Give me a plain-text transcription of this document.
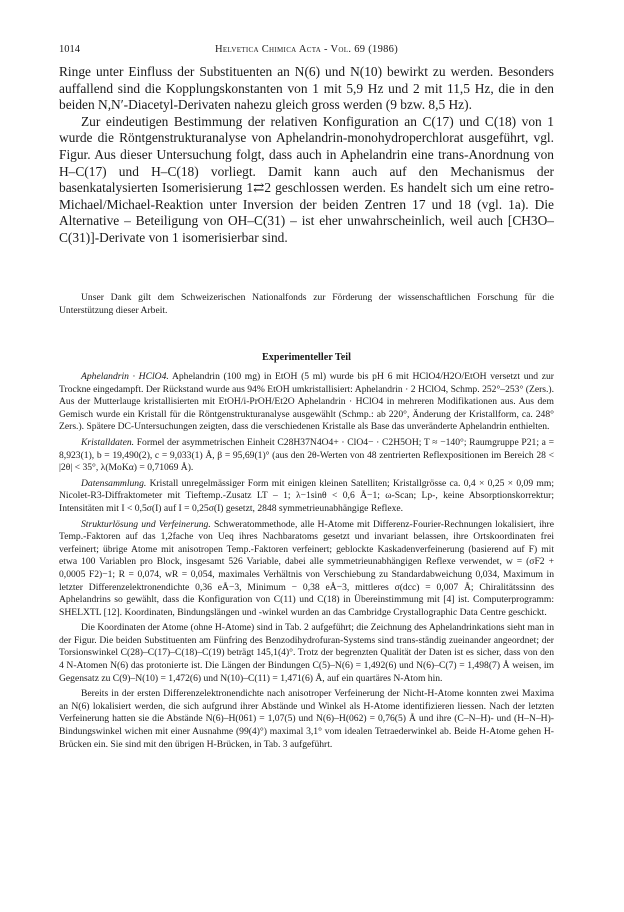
1014	Helvetica Chimica Acta - Vol. 69 (1986)

Ringe unter Einfluss der Substituenten an N(6) und N(10) bewirkt zu werden. Besonders auffallend sind die Kopplungskonstanten von 1 mit 5,9 Hz und 2 mit 11,5 Hz, die in den beiden N,N′-Diacetyl-Derivaten nahezu gleich gross werden (9 bzw. 8,5 Hz).

Zur eindeutigen Bestimmung der relativen Konfiguration an C(17) und C(18) von 1 wurde die Röntgenstrukturanalyse von Aphelandrin-monohydroperchlorat ausgeführt, vgl. Figur. Aus dieser Untersuchung folgt, dass auch in Aphelandrin eine trans-Anordnung von H–C(17) und H–C(18) vorliegt. Damit kann auch auf den Mechanismus der basenkatalysierten Isomerisierung 1⇄2 geschlossen werden. Es handelt sich um eine retro-Michael/Michael-Reaktion unter Inversion der beiden Zentren 17 und 18 (vgl. 1a). Die Alternative – Beteiligung von OH–C(31) – ist eher unwahrscheinlich, weil auch [CH3O–C(31)]-Derivate von 1 isomerisierbar sind.

Unser Dank gilt dem Schweizerischen Nationalfonds zur Förderung der wissenschaftlichen Forschung für die Unterstützung dieser Arbeit.
Experimenteller Teil

Aphelandrin · HClO4. Aphelandrin (100 mg) in EtOH (5 ml) wurde bis pH 6 mit HClO4/H2O/EtOH versetzt und zur Trockne eingedampft. Der Rückstand wurde aus 94% EtOH umkristallisiert: Aphelandrin · 2 HClO4, Schmp. 252°–253° (Zers.). Aus der Mutterlauge kristallisierten mit EtOH/i-PrOH/Et2O Aphelandrin · HClO4 in mehreren Modifikationen aus. Aus dem Gemisch wurde ein Kristall für die Röntgenstrukturanalyse ausgewählt (Schmp.: ab 220°, Änderung der Kristallform, ca. 248° Zers.). Spätere DC-Untersuchungen zeigten, dass die verschiedenen Kristalle als Base das unveränderte Aphelandrin enthielten.

Kristalldaten. Formel der asymmetrischen Einheit C28H37N4O4+ · ClO4− · C2H5OH; T ≈ −140°; Raumgruppe P21; a = 8,923(1), b = 19,490(2), c = 9,033(1) Å, β = 95,69(1)° (aus den 2θ-Werten von 48 zentrierten Reflexpositionen im Bereich 28 < |2θ| < 35°, λ(MoKα) = 0,71069 Å).

Datensammlung. Kristall unregelmässiger Form mit einigen kleinen Satelliten; Kristallgrösse ca. 0,4 × 0,25 × 0,09 mm; Nicolet-R3-Diffraktometer mit Tieftemp.-Zusatz LT – 1; λ−1sinθ < 0,6 Å−1; ω-Scan; Lp-, keine Absorptionskorrektur; Intensitäten mit I < 0,5σ(I) auf I = 0,25σ(I) gesetzt, 2848 symmetrieunabhängige Reflexe.

Strukturlösung und Verfeinerung. Schweratommethode, alle H-Atome mit Differenz-Fourier-Rechnungen lokalisiert, ihre Temp.-Faktoren auf das 1,2fache von Ueq ihres Nachbaratoms gesetzt und invariant belassen, ihre Ortskoordinaten frei verfeinert; übrige Atome mit anisotropen Temp.-Faktoren verfeinert; geblockte Kaskadenverfeinerung (basierend auf F) mit etwa 100 Variablen pro Block, insgesamt 526 Variable, dabei alle symmetrieunabhängigen Reflexe verwendet, w = (σF2 + 0,0005 F2)−1; R = 0,074, wR = 0,054, maximales Verhältnis von Verschiebung zu Standardabweichung 0,034, Maximum in letzter Differenzelektronendichte 0,36 eÅ−3, Minimum − 0,38 eÅ−3, mittleres σ(dcc) = 0,007 Å; Chiralitätssinn des Aphelandrins so gewählt, dass die Konfiguration von C(11) und C(18) in Übereinstimmung mit [4] ist. Computerprogramm: SHELXTL [12]. Koordinaten, Bindungslängen und -winkel wurden an das Cambridge Crystallographic Data Centre geschickt.

Die Koordinaten der Atome (ohne H-Atome) sind in Tab. 2 aufgeführt; die Zeichnung des Aphelandrinkations sieht man in der Figur. Die beiden Substituenten am Fünfring des Benzodihydrofuran-Systems sind trans-ständig zueinander angeordnet; der Torsionswinkel C(28)–C(17)–C(18)–C(19) beträgt 145,1(4)°. Trotz der begrenzten Qualität der Daten ist es sicher, dass von den 4 N-Atomen N(6) das protonierte ist. Die Längen der Bindungen C(5)–N(6) = 1,492(6) und N(6)–C(7) = 1,498(7) Å weisen, im Gegensatz zu C(9)–N(10) = 1,472(6) und N(10)–C(11) = 1,471(6) Å, auf ein quartäres N-Atom hin.

Bereits in der ersten Differenzelektronendichte nach anisotroper Verfeinerung der Nicht-H-Atome konnten zwei Maxima an N(6) lokalisiert werden, die sich aufgrund ihrer Abstände und Winkel als H-Atome identifizieren liessen. Nach der letzten Verfeinerung hatten sie die Abstände N(6)–H(061) = 1,07(5) und N(6)–H(062) = 0,76(5) Å und ihre (C–N–H)- und (H–N–H)-Bindungswinkel wichen mit einer Ausnahme (99(4)°) maximal 3,1° vom idealen Tetraederwinkel ab. Beide H-Atome gehen H-Brücken ein. Sie sind mit den übrigen H-Brücken, in Tab. 3 aufgeführt.
